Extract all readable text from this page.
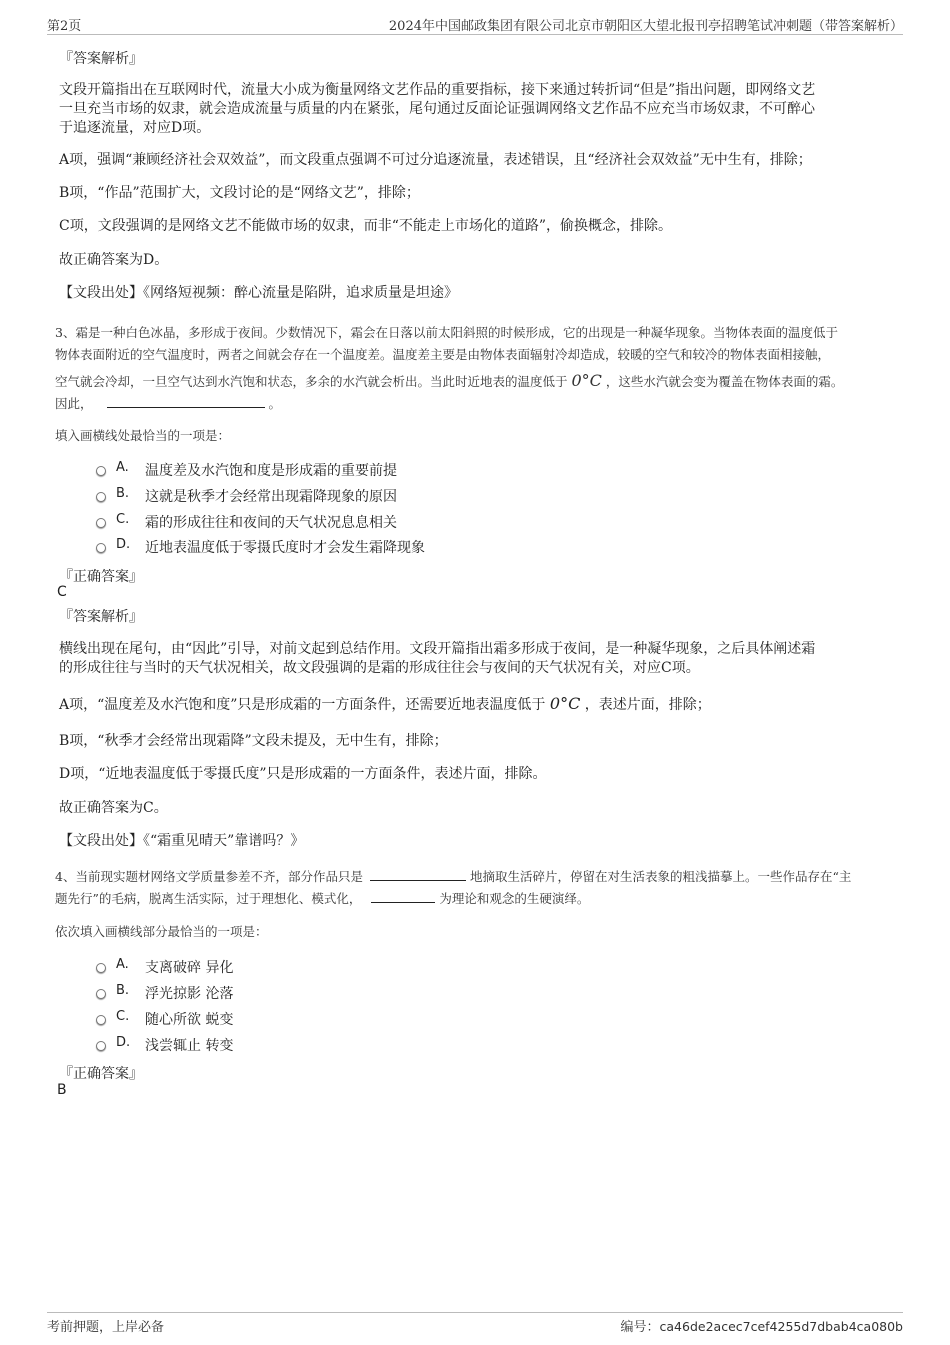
第2页	2024年中国邮政集团有限公司北京市朝阳区大望北报刊亭招聘笔试冲刺题（带答案解析）
『答案解析』
文段开篇指出在互联网时代，流量大小成为衡量网络文艺作品的重要指标，接下来通过转折词“但是”指出问题，即网络文艺
一旦充当市场的奴隶，就会造成流量与质量的内在紧张，尾句通过反面论证强调网络文艺作品不应充当市场奴隶，不可醉心
于追逐流量，对应D项。
A项，强调“兼顾经济社会双效益”，而文段重点强调不可过分追逐流量，表述错误，且“经济社会双效益”无中生有，排除；
B项，“作品”范围扩大，文段讨论的是“网络文艺”，排除；
C项，文段强调的是网络文艺不能做市场的奴隶，而非“不能走上市场化的道路”，偷换概念，排除。
故正确答案为D。
【文段出处】《网络短视频：醉心流量是陷阱，追求质量是坦途》
3、霜是一种白色冰晶，多形成于夜间。少数情况下，霜会在日落以前太阳斜照的时候形成，它的出现是一种凝华现象。当物体表面的温度低于
物体表面附近的空气温度时，两者之间就会存在一个温度差。温度差主要是由物体表面辐射冷却造成，较暖的空气和较冷的物体表面相接触，
空气就会冷却，一旦空气达到水汽饱和状态，多余的水汽就会析出。当此时近地表的温度低于 0°C ，这些水汽就会变为覆盖在物体表面的霜。
因此，	。
填入画横线处最恰当的一项是：
A. 温度差及水汽饱和度是形成霜的重要前提
B. 这就是秋季才会经常出现霜降现象的原因
C. 霜的形成往往和夜间的天气状况息息相关
D. 近地表温度低于零摄氏度时才会发生霜降现象
『正确答案』
C
『答案解析』
横线出现在尾句，由“因此”引导，对前文起到总结作用。文段开篇指出霜多形成于夜间，是一种凝华现象，之后具体阐述霜
的形成往往与当时的天气状况相关，故文段强调的是霜的形成往往会与夜间的天气状况有关，对应C项。
A项，“温度差及水汽饱和度”只是形成霜的一方面条件，还需要近地表温度低于 0°C ，表述片面，排除；
B项，“秋季才会经常出现霜降”文段未提及，无中生有，排除；
D项，“近地表温度低于零摄氏度”只是形成霜的一方面条件，表述片面，排除。
故正确答案为C。
【文段出处】《“霜重见晴天”靠谱吗？》
4、当前现实题材网络文学质量参差不齐，部分作品只是	地摘取生活碎片，停留在对生活表象的粗浅描摹上。一些作品存在“主
题先行”的毛病，脱离生活实际，过于理想化、模式化，	为理论和观念的生硬演绎。
依次填入画横线部分最恰当的一项是：
A. 支离破碎 异化
B. 浮光掠影 沦落
C. 随心所欲 蜕变
D. 浅尝辄止 转变
『正确答案』
B
考前押题，上岸必备	编号：ca46de2acec7cef4255d7dbab4ca080b
